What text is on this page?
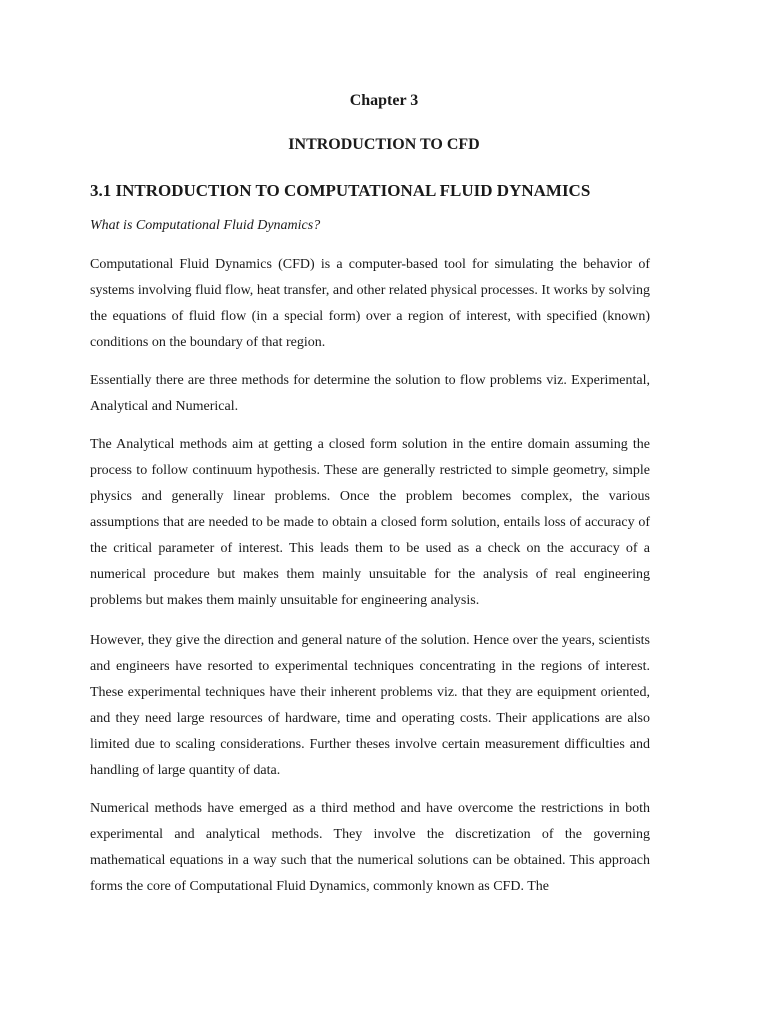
Chapter 3
INTRODUCTION TO CFD
3.1 INTRODUCTION TO COMPUTATIONAL FLUID DYNAMICS

What is Computational Fluid Dynamics?

Computational Fluid Dynamics (CFD) is a computer-based tool for simulating the behavior of systems involving fluid flow, heat transfer, and other related physical processes. It works by solving the equations of fluid flow (in a special form) over a region of interest, with specified (known) conditions on the boundary of that region.

Essentially there are three methods for determine the solution to flow problems viz. Experimental, Analytical and Numerical.

The Analytical methods aim at getting a closed form solution in the entire domain assuming the process to follow continuum hypothesis. These are generally restricted to simple geometry, simple physics and generally linear problems. Once the problem becomes complex, the various assumptions that are needed to be made to obtain a closed form solution, entails loss of accuracy of the critical parameter of interest. This leads them to be used as a check on the accuracy of a numerical procedure but makes them mainly unsuitable for the analysis of real engineering problems but makes them mainly unsuitable for engineering analysis.

However, they give the direction and general nature of the solution. Hence over the years, scientists and engineers have resorted to experimental techniques concentrating in the regions of interest. These experimental techniques have their inherent problems viz. that they are equipment oriented, and they need large resources of hardware, time and operating costs. Their applications are also limited due to scaling considerations. Further theses involve certain measurement difficulties and handling of large quantity of data.

Numerical methods have emerged as a third method and have overcome the restrictions in both experimental and analytical methods. They involve the discretization of the governing mathematical equations in a way such that the numerical solutions can be obtained. This approach forms the core of Computational Fluid Dynamics, commonly known as CFD. The
